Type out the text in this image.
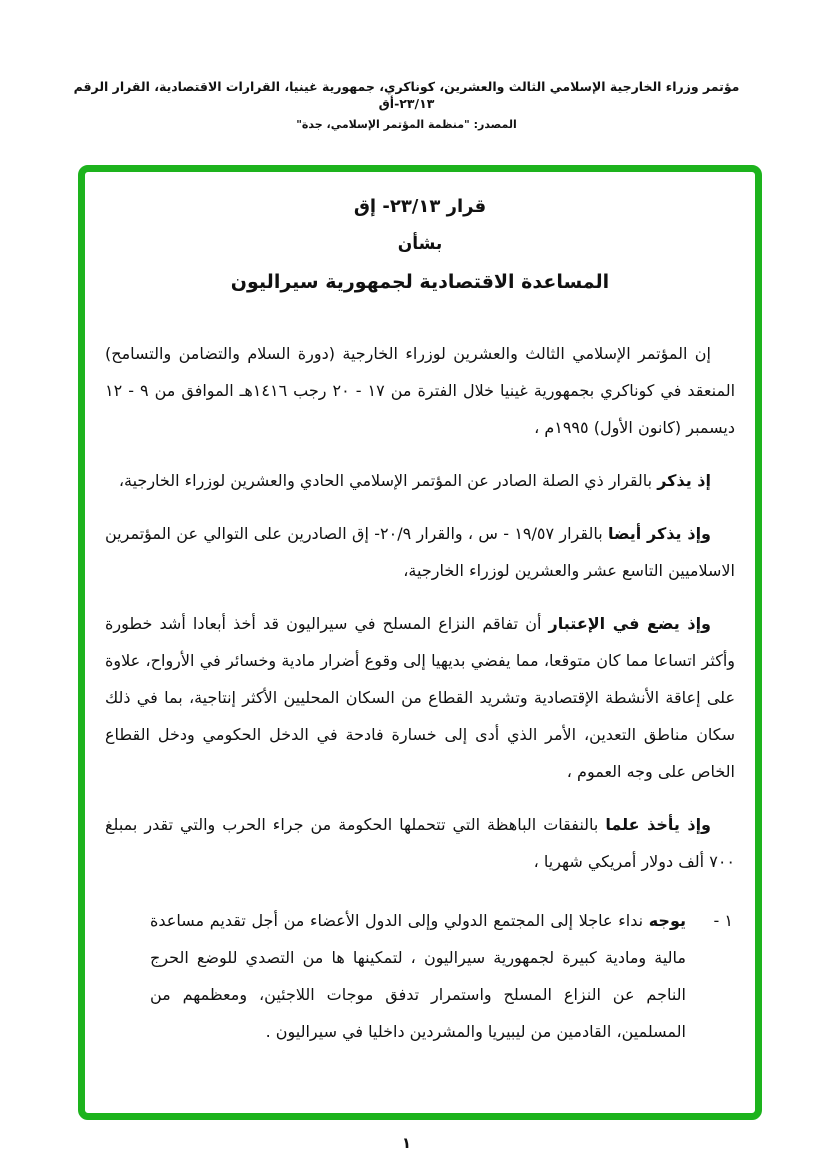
مؤتمر وزراء الخارجية الإسلامي الثالث والعشرين، كوناكري، جمهورية غينيا، القرارات الاقتصادية، القرار الرقم ٢٣/١٣-أق
المصدر: "منظمة المؤتمر الإسلامي، جدة"
قرار ٢٣/١٣- إق
بشأن
المساعدة الاقتصادية لجمهورية سيراليون

إن المؤتمر الإسلامي الثالث والعشرين لوزراء الخارجية (دورة السلام والتضامن والتسامح) المنعقد في كوناكري بجمهورية غينيا خلال الفترة من ١٧ - ٢٠ رجب ١٤١٦هـ الموافق من ٩ - ١٢ ديسمبر (كانون الأول) ١٩٩٥م ،

إذ يذكر بالقرار ذي الصلة الصادر عن المؤتمر الإسلامي الحادي والعشرين لوزراء الخارجية،

وإذ يذكر أيضا بالقرار ١٩/٥٧ - س ، والقرار ٢٠/٩- إق الصادرين على التوالي عن المؤتمرين الاسلاميين التاسع عشر والعشرين لوزراء الخارجية،

وإذ يضع في الإعتبار أن تفاقم النزاع المسلح في سيراليون قد أخذ أبعادا أشد خطورة وأكثر اتساعا مما كان متوقعا، مما يفضي بديهيا إلى وقوع أضرار مادية وخسائر في الأرواح، علاوة على إعاقة الأنشطة الإقتصادية وتشريد القطاع من السكان المحليين الأكثر إنتاجية، بما في ذلك سكان مناطق التعدين، الأمر الذي أدى إلى خسارة فادحة في الدخل الحكومي ودخل القطاع الخاص على وجه العموم ،

وإذ يأخذ علما بالنفقات الباهظة التي تتحملها الحكومة من جراء الحرب والتي تقدر بمبلغ ٧٠٠ ألف دولار أمريكي شهريا ،

١ -

يوجه نداء عاجلا إلى المجتمع الدولي وإلى الدول الأعضاء من أجل تقديم مساعدة مالية ومادية كبيرة لجمهورية سيراليون ، لتمكينها ها من التصدي للوضع الحرج الناجم عن النزاع المسلح واستمرار تدفق موجات اللاجئين، ومعظمهم من المسلمين، القادمين من ليبيريا والمشردين داخليا في سيراليون .

١
